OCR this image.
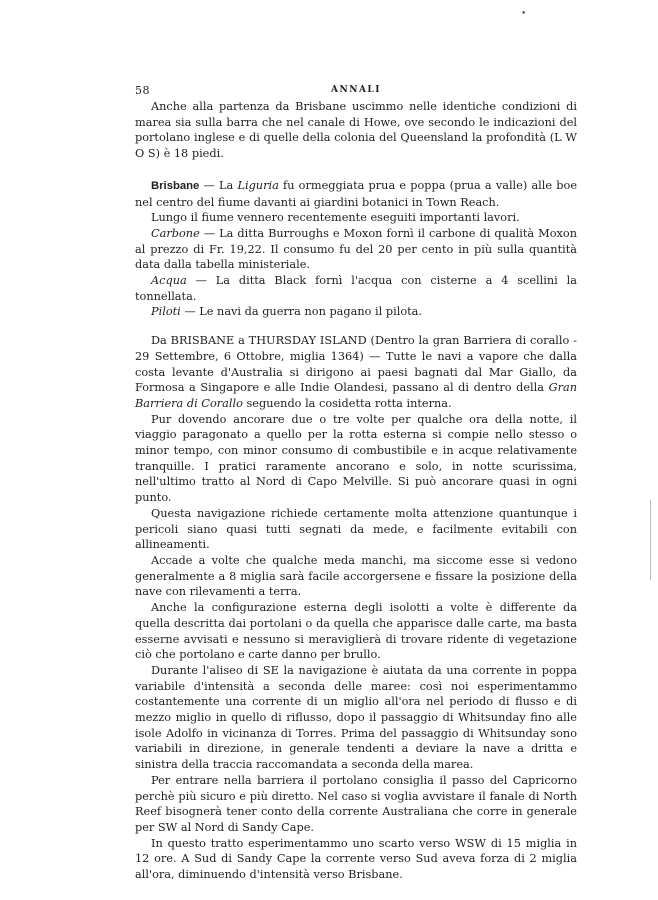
•
58	ANNALI

Anche alla partenza da Brisbane uscimmo nelle identiche condizioni di marea sia sulla barra che nel canale di Howe, ove secondo le indicazioni del portolano inglese e di quelle della colonia del Queensland la profondità (L W O S) è 18 piedi.

Brisbane — La Liguria fu ormeggiata prua e poppa (prua a valle) alle boe nel centro del fiume davanti ai giardini botanici in Town Reach.

Lungo il fiume vennero recentemente eseguiti importanti lavori.

Carbone — La ditta Burroughs e Moxon fornì il carbone di qualità Moxon al prezzo di Fr. 19,22. Il consumo fu del 20 per cento in più sulla quantità data dalla tabella ministeriale.

Acqua — La ditta Black fornì l'acqua con cisterne a 4 scellini la tonnellata.

Piloti — Le navi da guerra non pagano il pilota.

Da BRISBANE a THURSDAY ISLAND (Dentro la gran Barriera di corallo - 29 Settembre, 6 Ottobre, miglia 1364) — Tutte le navi a vapore che dalla costa levante d'Australia si dirigono ai paesi bagnati dal Mar Giallo, da Formosa a Singapore e alle Indie Olandesi, passano al di dentro della Gran Barriera di Corallo seguendo la cosidetta rotta interna.

Pur dovendo ancorare due o tre volte per qualche ora della notte, il viaggio paragonato a quello per la rotta esterna si compie nello stesso o minor tempo, con minor consumo di combustibile e in acque relativamente tranquille. I pratici raramente ancorano e solo, in notte scurissima, nell'ultimo tratto al Nord di Capo Melville. Si può ancorare quasi in ogni punto.

Questa navigazione richiede certamente molta attenzione quantunque i pericoli siano quasi tutti segnati da mede, e facilmente evitabili con allineamenti.

Accade a volte che qualche meda manchi, ma siccome esse si vedono generalmente a 8 miglia sarà facile accorgersene e fissare la posizione della nave con rilevamenti a terra.

Anche la configurazione esterna degli isolotti a volte è differente da quella descritta dai portolani o da quella che apparisce dalle carte, ma basta esserne avvisati e nessuno si meraviglierà di trovare ridente di vegetazione ciò che portolano e carte danno per brullo.

Durante l'aliseo di SE la navigazione è aiutata da una corrente in poppa variabile d'intensità a seconda delle maree: così noi esperimentammo costantemente una corrente di un miglio all'ora nel periodo di flusso e di mezzo miglio in quello di riflusso, dopo il passaggio di Whitsunday fino alle isole Adolfo in vicinanza di Torres. Prima del passaggio di Whitsunday sono variabili in direzione, in generale tendenti a deviare la nave a dritta e sinistra della traccia raccomandata a seconda della marea.

Per entrare nella barriera il portolano consiglia il passo del Capricorno perchè più sicuro e più diretto. Nel caso si voglia avvistare il fanale di North Reef bisognerà tener conto della corrente Australiana che corre in generale per SW al Nord di Sandy Cape.

In questo tratto esperimentammo uno scarto verso WSW di 15 miglia in 12 ore. A Sud di Sandy Cape la corrente verso Sud aveva forza di 2 miglia all'ora, diminuendo d'intensità verso Brisbane.
